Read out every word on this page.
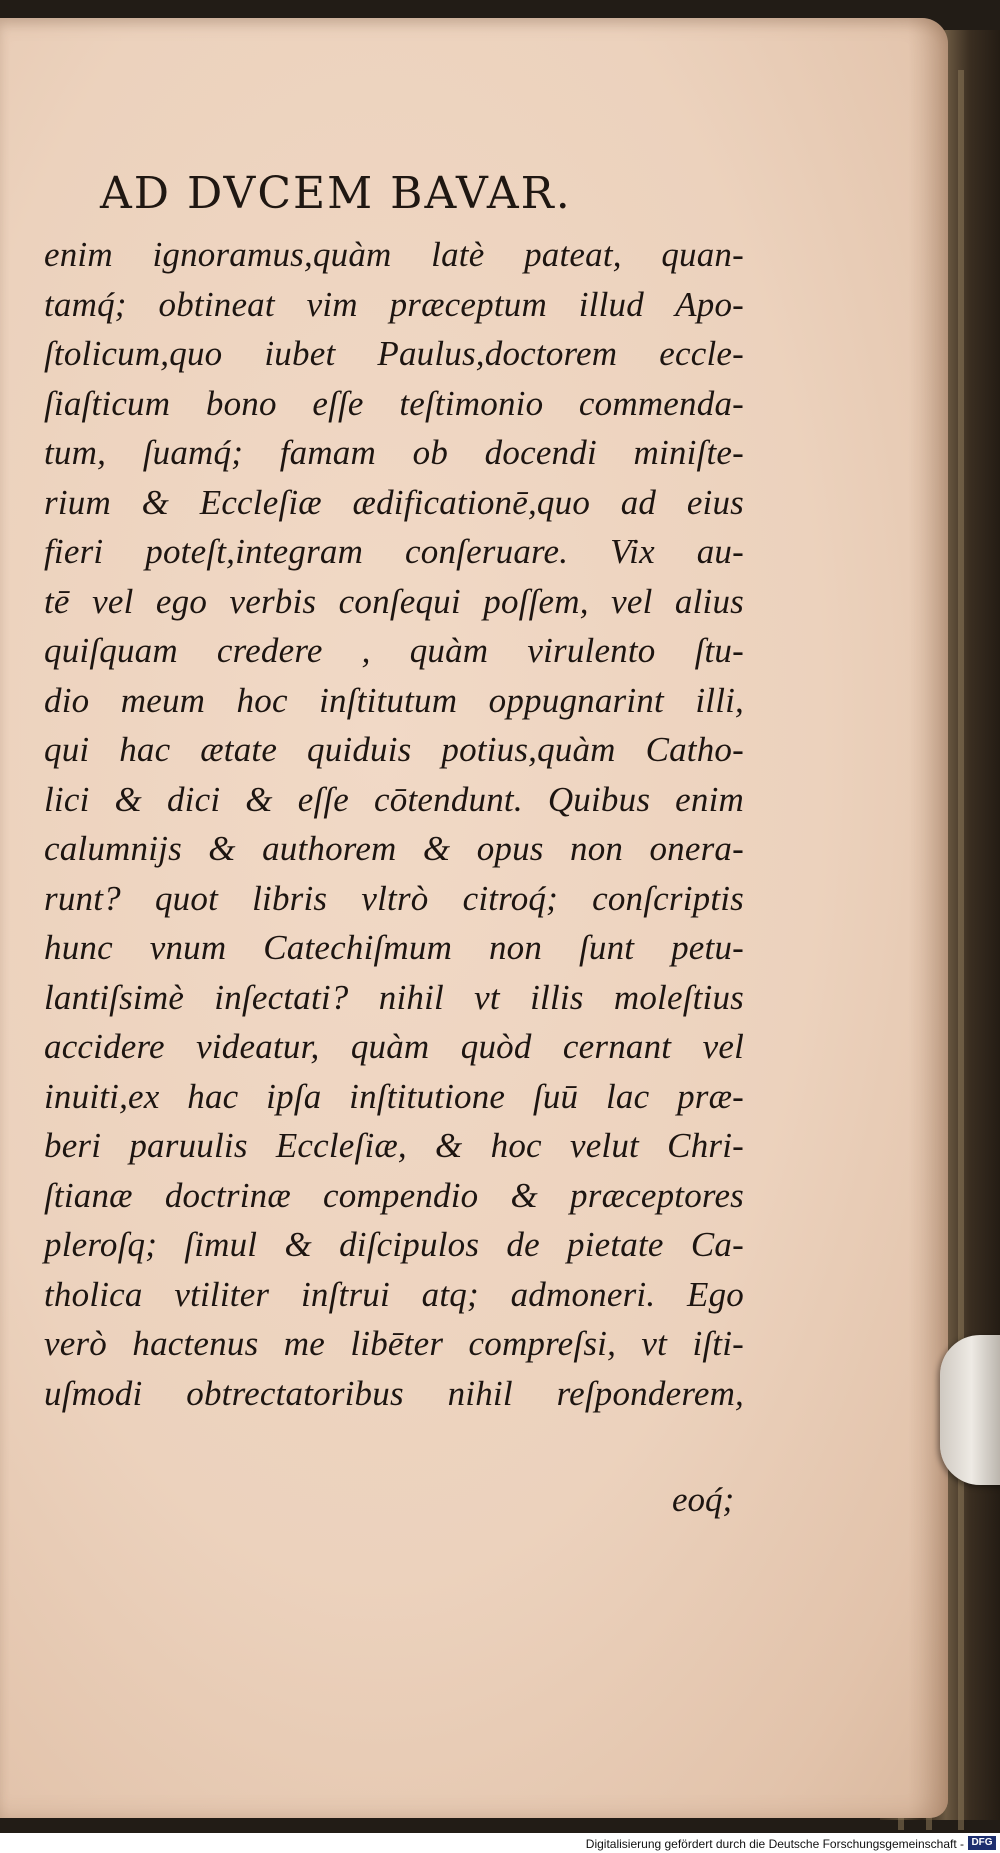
AD DVCEM BAVAR.
enim ignoramus,quàm latè pateat, quan-
tamq́; obtineat vim præceptum illud Apo-
ſtolicum,quo iubet Paulus,doctorem eccle-
ſiaſticum bono eſſe teſtimonio commenda-
tum, ſuamq́; famam ob docendi miniſte-
rium & Eccleſiæ ædificationē,quo ad eius
fieri poteſt,integram conſeruare. Vix au-
tē vel ego verbis conſequi poſſem, vel alius
quiſquam credere , quàm virulento ſtu-
dio meum hoc inſtitutum oppugnarint illi,
qui hac ætate quiduis potius,quàm Catho-
lici & dici & eſſe cōtendunt. Quibus enim
calumnijs & authorem & opus non onera-
runt? quot libris vltrò citroq́; conſcriptis
hunc vnum Catechiſmum non ſunt petu-
lantiſsimè inſectati? nihil vt illis moleſtius
accidere videatur, quàm quòd cernant vel
inuiti,ex hac ipſa inſtitutione ſuū lac præ-
beri paruulis Eccleſiæ, & hoc velut Chri-
ſtianæ doctrinæ compendio & præceptores
pleroſq; ſimul & diſcipulos de pietate Ca-
tholica vtiliter inſtrui atq; admoneri. Ego
verò hactenus me libēter compreſsi, vt iſti-
uſmodi obtrectatoribus nihil reſponderem,
eoq́;
Digitalisierung gefördert durch die Deutsche Forschungsgemeinschaft - DFG
